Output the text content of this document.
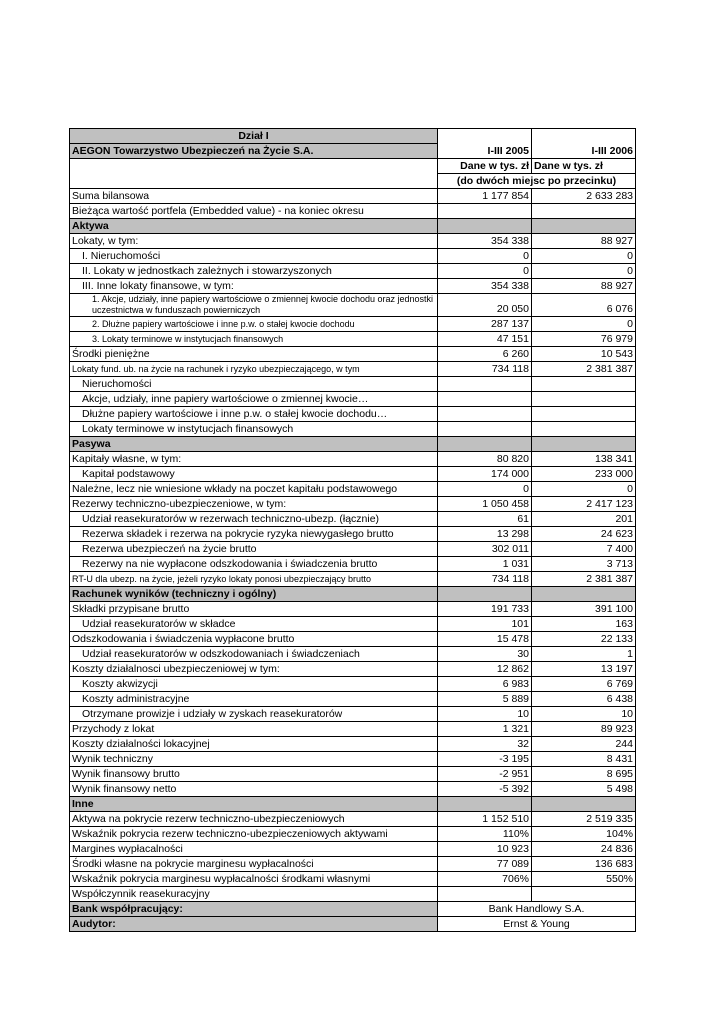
Dział I		
AEGON Towarzystwo Ubezpieczeń na Życie S.A.	I-III 2005	I-III 2006
	Dane w tys. zł	Dane w tys. zł
	(do dwóch miejsc po przecinku)	
Suma bilansowa	1 177 854	2 633 283
Bieżąca wartość portfela (Embedded value) - na koniec okresu		
Aktywa		
Lokaty, w tym:	354 338	88 927
I. Nieruchomości	0	0
II. Lokaty w jednostkach zależnych i stowarzyszonych	0	0
III. Inne lokaty finansowe, w tym:	354 338	88 927
1. Akcje, udziały, inne papiery wartościowe o zmiennej kwocie dochodu oraz jednostki uczestnictwa w funduszach powierniczych	20 050	6 076
2. Dłużne papiery wartościowe i inne p.w. o stałej kwocie dochodu	287 137	0
3. Lokaty terminowe w instytucjach finansowych	47 151	76 979
Środki pieniężne	6 260	10 543
Lokaty fund. ub. na życie na rachunek i ryzyko ubezpieczającego, w tym	734 118	2 381 387
Nieruchomości		
Akcje, udziały, inne papiery wartościowe o zmiennej kwocie…		
Dłużne papiery wartościowe i inne p.w. o stałej kwocie dochodu…		
Lokaty terminowe w instytucjach finansowych		
Pasywa		
Kapitały własne, w tym:	80 820	138 341
Kapitał podstawowy	174 000	233 000
Należne, lecz nie wniesione wkłady na poczet kapitału podstawowego	0	0
Rezerwy techniczno-ubezpieczeniowe, w tym:	1 050 458	2 417 123
Udział reasekuratorów w rezerwach techniczno-ubezp. (łącznie)	61	201
Rezerwa składek i rezerwa na pokrycie ryzyka niewygasłego brutto	13 298	24 623
Rezerwa ubezpieczeń na życie brutto	302 011	7 400
Rezerwy na nie wypłacone odszkodowania i świadczenia brutto	1 031	3 713
RT-U dla ubezp. na życie, jeżeli ryzyko lokaty ponosi ubezpieczający brutto	734 118	2 381 387
Rachunek wyników (techniczny i ogólny)		
Składki przypisane brutto	191 733	391 100
Udział reasekuratorów w składce	101	163
Odszkodowania i świadczenia wypłacone brutto	15 478	22 133
Udział reasekuratorów w odszkodowaniach i świadczeniach	30	1
Koszty działalnosci ubezpieczeniowej w tym:	12 862	13 197
Koszty akwizycji	6 983	6 769
Koszty administracyjne	5 889	6 438
Otrzymane prowizje i udziały w zyskach reasekuratorów	10	10
Przychody z lokat	1 321	89 923
Koszty działalności lokacyjnej	32	244
Wynik techniczny	-3 195	8 431
Wynik finansowy brutto	-2 951	8 695
Wynik finansowy netto	-5 392	5 498
Inne		
Aktywa na pokrycie rezerw techniczno-ubezpieczeniowych	1 152 510	2 519 335
Wskaźnik pokrycia rezerw techniczno-ubezpieczeniowych aktywami	110%	104%
Margines wypłacalności	10 923	24 836
Środki własne na pokrycie marginesu wypłacalności	77 089	136 683
Wskaźnik pokrycia marginesu wypłacalności środkami własnymi	706%	550%
Współczynnik reasekuracyjny		
Bank współpracujący:	Bank Handlowy S.A.	
Audytor:	Ernst & Young	
